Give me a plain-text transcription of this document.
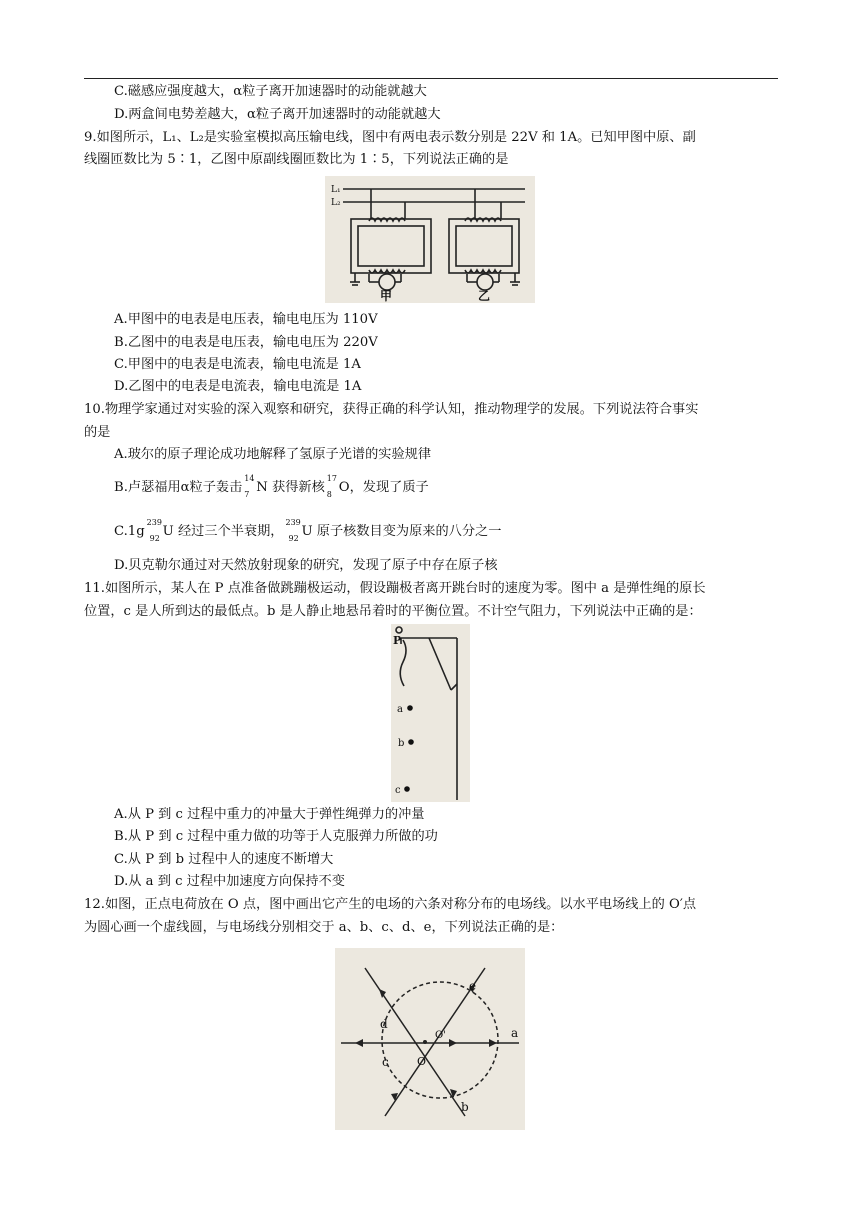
C.磁感应强度越大，α粒子离开加速器时的动能就越大
D.两盒间电势差越大，α粒子离开加速器时的动能就越大
9.如图所示，L₁、L₂是实验室模拟高压输电线，图中有两电表示数分别是 22V 和 1A。已知甲图中原、副
线圈匝数比为 5∶1，乙图中原副线圈匝数比为 1∶5，下列说法正确的是
L₁
L₂
甲	乙
A.甲图中的电表是电压表，输电电压为 110V
B.乙图中的电表是电压表，输电电压为 220V
C.甲图中的电表是电流表，输电电流是 1A
D.乙图中的电表是电流表，输电电流是 1A
10.物理学家通过对实验的深入观察和研究，获得正确的科学认知，推动物理学的发展。下列说法符合事实
的是
A.玻尔的原子理论成功地解释了氢原子光谱的实验规律
B.卢瑟福用α粒子轰击
14
7 N 获得新核
17
8 O，发现了质子
C.1g
239
92 U 经过三个半衰期，
239
92 U 原子核数目变为原来的八分之一
D.贝克勒尔通过对天然放射现象的研究，发现了原子中存在原子核
11.如图所示，某人在 P 点准备做跳蹦极运动，假设蹦极者离开跳台时的速度为零。图中 a 是弹性绳的原长
位置，c 是人所到达的最低点。b 是人静止地悬吊着时的平衡位置。不计空气阻力，下列说法中正确的是：
P
a
b
c
A.从 P 到 c 过程中重力的冲量大于弹性绳弹力的冲量
B.从 P 到 c 过程中重力做的功等于人克服弹力所做的功
C.从 P 到 b 过程中人的速度不断增大
D.从 a 到 c 过程中加速度方向保持不变
12.如图，正点电荷放在 O 点，图中画出它产生的电场的六条对称分布的电场线。以水平电场线上的 O′点
为圆心画一个虚线圆，与电场线分别相交于 a、b、c、d、e，下列说法正确的是：
O
O'	a
b
c
d
e
